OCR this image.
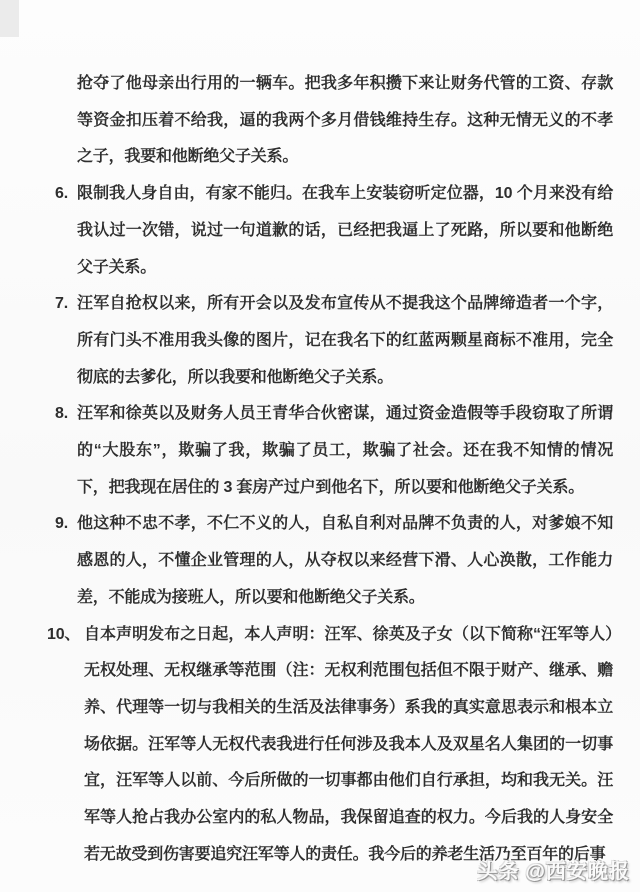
抢夺了他母亲出行用的一辆车。把我多年积攒下来让财务代管的工资、存款等资金扣压着不给我，逼的我两个多月借钱维持生存。这种无情无义的不孝之子，我要和他断绝父子关系。
6. 限制我人身自由，有家不能归。在我车上安装窃听定位器，10 个月来没有给我认过一次错，说过一句道歉的话，已经把我逼上了死路，所以要和他断绝父子关系。
7. 汪军自抢权以来，所有开会以及发布宣传从不提我这个品牌缔造者一个字，所有门头不准用我头像的图片，记在我名下的红蓝两颗星商标不准用，完全彻底的去爹化，所以我要和他断绝父子关系。
8. 汪军和徐英以及财务人员王青华合伙密谋，通过资金造假等手段窃取了所谓的“大股东”，欺骗了我，欺骗了员工，欺骗了社会。还在我不知情的情况下，把我现在居住的 3 套房产过户到他名下，所以要和他断绝父子关系。
9. 他这种不忠不孝，不仁不义的人，自私自利对品牌不负责的人，对爹娘不知感恩的人，不懂企业管理的人，从夺权以来经营下滑、人心涣散，工作能力差，不能成为接班人，所以要和他断绝父子关系。
10、 自本声明发布之日起，本人声明：汪军、徐英及子女（以下简称“汪军等人）无权处理、无权继承等范围（注：无权利范围包括但不限于财产、继承、赡养、代理等一切与我相关的生活及法律事务）系我的真实意思表示和根本立场依据。汪军等人无权代表我进行任何涉及我本人及双星名人集团的一切事宜，汪军等人以前、今后所做的一切事都由他们自行承担，均和我无关。汪军等人抢占我办公室内的私人物品，我保留追查的权力。今后我的人身安全若无故受到伤害要追究汪军等人的责任。我今后的养老生活乃至百年的后事
头条 @西安晚报
